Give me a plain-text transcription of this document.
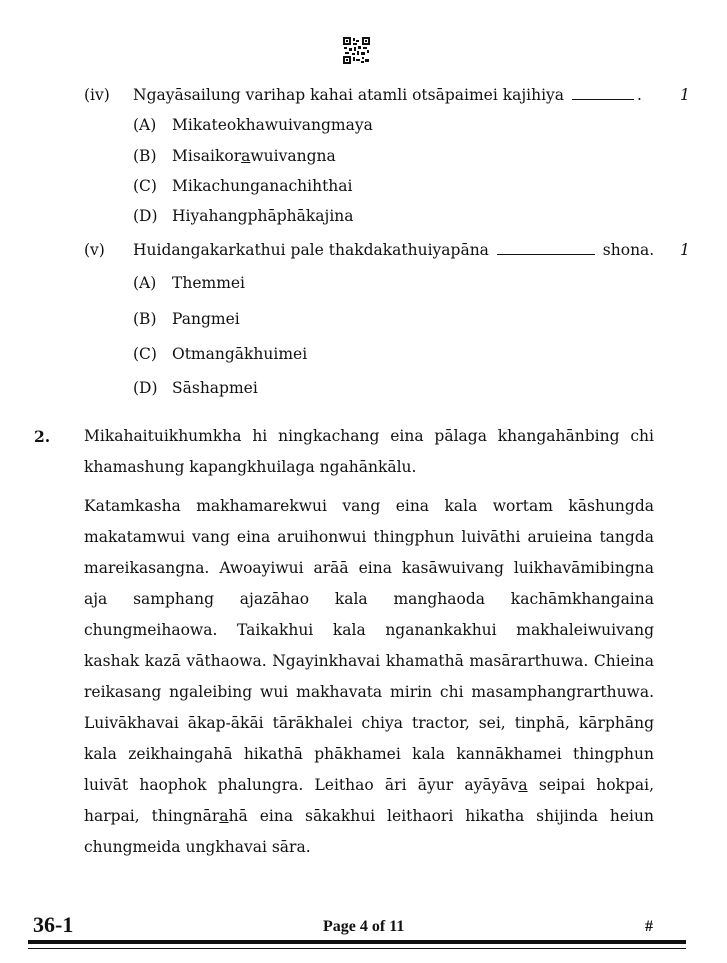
(iv) Ngayāsailung varihap kahai atamli otsāpaimei kajihiya	. 1
(A) Mikateokhawuivangmaya
(B) Misaikorawuivangna
(C) Mikachunganachihthai
(D) Hiyahangphāphākajina
(v) Huidangakarkathui pale thakdakathuiyapāna	shona. 1
(A) Themmei
(B) Pangmei
(C) Otmangākhuimei
(D) Sāshapmei
2. Mikahaituikhumkha hi ningkachang eina pālaga khangahānbing chi khamashung kapangkhuilaga ngahānkālu.
Katamkasha makhamarekwui vang eina kala wortam kāshungda makatamwui vang eina aruihonwui thingphun luivāthi aruieina tangda mareikasangna. Awoayiwui arāā eina kasāwuivang luikhavāmibingna aja samphang ajazāhao kala manghaoda kachāmkhangaina chungmeihaowa. Taikakhui kala nganankakhui makhaleiwuivang kashak kazā vāthaowa. Ngayinkhavai khamathā masārarthuwa. Chieina reikasang ngaleibing wui makhavata mirin chi masamphangrarthuwa. Luivākhavai ākap-ākāi tārākhalei chiya tractor, sei, tinphā, kārphāng kala zeikhaingahā hikathā phākhamei kala kannākhamei thingphun luivāt haophok phalungra. Leithao āri āyur ayāyāva seipai hokpai, harpai, thingnārahā eina sākakhui leithaori hikatha shijinda heiun chungmeida ungkhavai sāra.
36-1	Page 4 of 11	#
